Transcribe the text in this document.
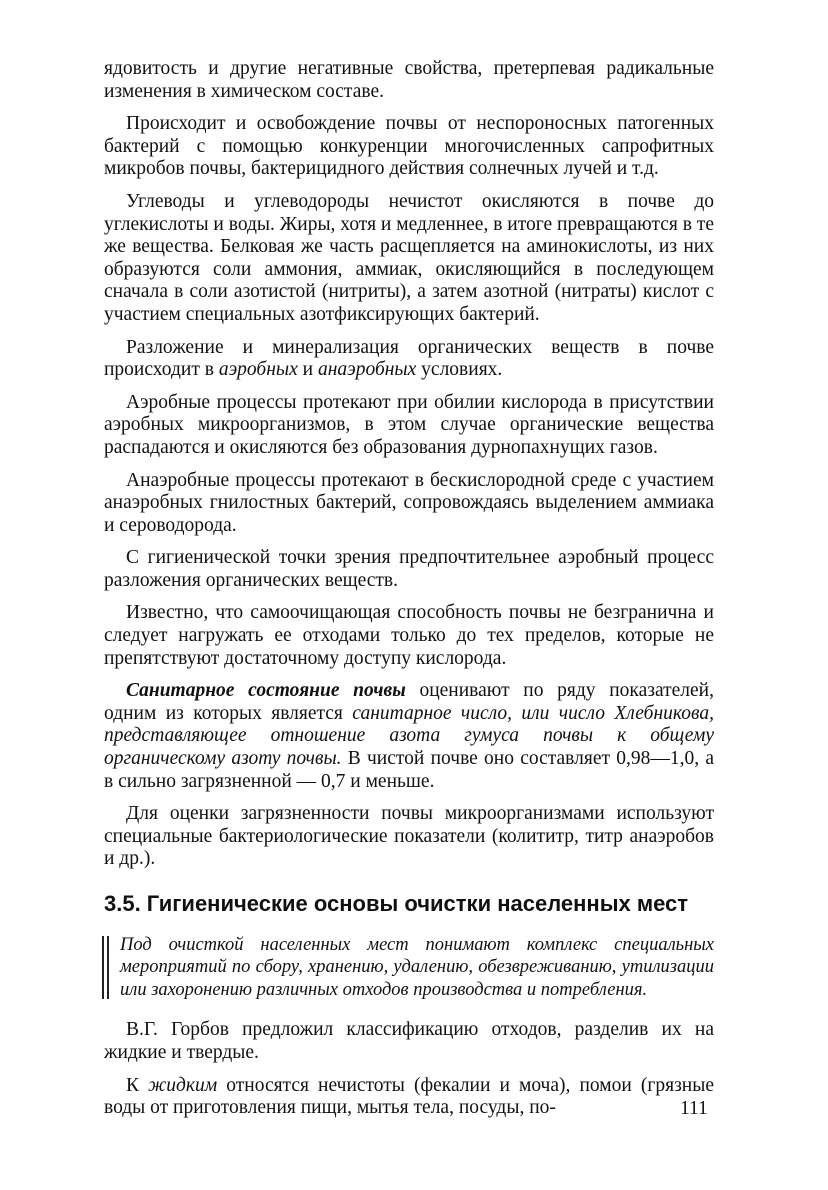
ядовитость и другие негативные свойства, претерпевая радикальные изменения в химическом составе.

Происходит и освобождение почвы от неспороносных патогенных бактерий с помощью конкуренции многочисленных сапрофитных микробов почвы, бактерицидного действия солнечных лучей и т.д.

Углеводы и углеводороды нечистот окисляются в почве до углекислоты и воды. Жиры, хотя и медленнее, в итоге превращаются в те же вещества. Белковая же часть расщепляется на аминокислоты, из них образуются соли аммония, аммиак, окисляющийся в последующем сначала в соли азотистой (нитриты), а затем азотной (нитраты) кислот с участием специальных азотфиксирующих бактерий.

Разложение и минерализация органических веществ в почве происходит в аэробных и анаэробных условиях.

Аэробные процессы протекают при обилии кислорода в присутствии аэробных микроорганизмов, в этом случае органические вещества распадаются и окисляются без образования дурнопахнущих газов.

Анаэробные процессы протекают в бескислородной среде с участием анаэробных гнилостных бактерий, сопровождаясь выделением аммиака и сероводорода.

С гигиенической точки зрения предпочтительнее аэробный процесс разложения органических веществ.

Известно, что самоочищающая способность почвы не безгранична и следует нагружать ее отходами только до тех пределов, которые не препятствуют достаточному доступу кислорода.

Санитарное состояние почвы оценивают по ряду показателей, одним из которых является санитарное число, или число Хлебникова, представляющее отношение азота гумуса почвы к общему органическому азоту почвы. В чистой почве оно составляет 0,98—1,0, а в сильно загрязненной — 0,7 и меньше.

Для оценки загрязненности почвы микроорганизмами используют специальные бактериологические показатели (колититр, титр анаэробов и др.).

3.5. Гигиенические основы очистки населенных мест

Под очисткой населенных мест понимают комплекс специальных мероприятий по сбору, хранению, удалению, обезвреживанию, утилизации или захоронению различных отходов производства и потребления.

В.Г. Горбов предложил классификацию отходов, разделив их на жидкие и твердые.

К жидким относятся нечистоты (фекалии и моча), помои (грязные воды от приготовления пищи, мытья тела, посуды, по-	111
